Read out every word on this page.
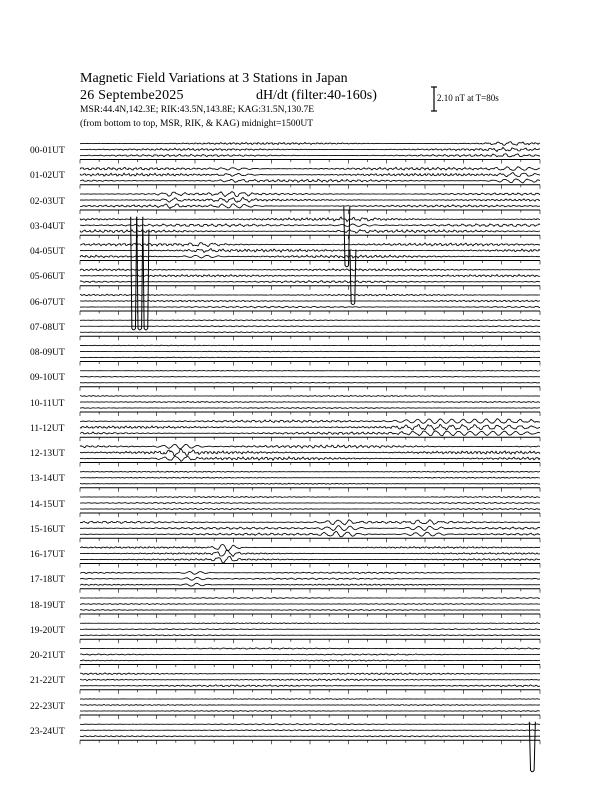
Magnetic Field Variations at 3 Stations in Japan
26 Septembe2025	dH/dt (filter:40-160s)
MSR:44.4N,142.3E; RIK:43.5N,143.8E; KAG:31.5N,130.7E
(from bottom to top, MSR, RIK, & KAG) midnight=1500UT
2.10 nT at T=80s
00-01UT
01-02UT
02-03UT
03-04UT
04-05UT
05-06UT
06-07UT
07-08UT
08-09UT
09-10UT
10-11UT
11-12UT
12-13UT
13-14UT
14-15UT
15-16UT
16-17UT
17-18UT
18-19UT
19-20UT
20-21UT
21-22UT
22-23UT
23-24UT
